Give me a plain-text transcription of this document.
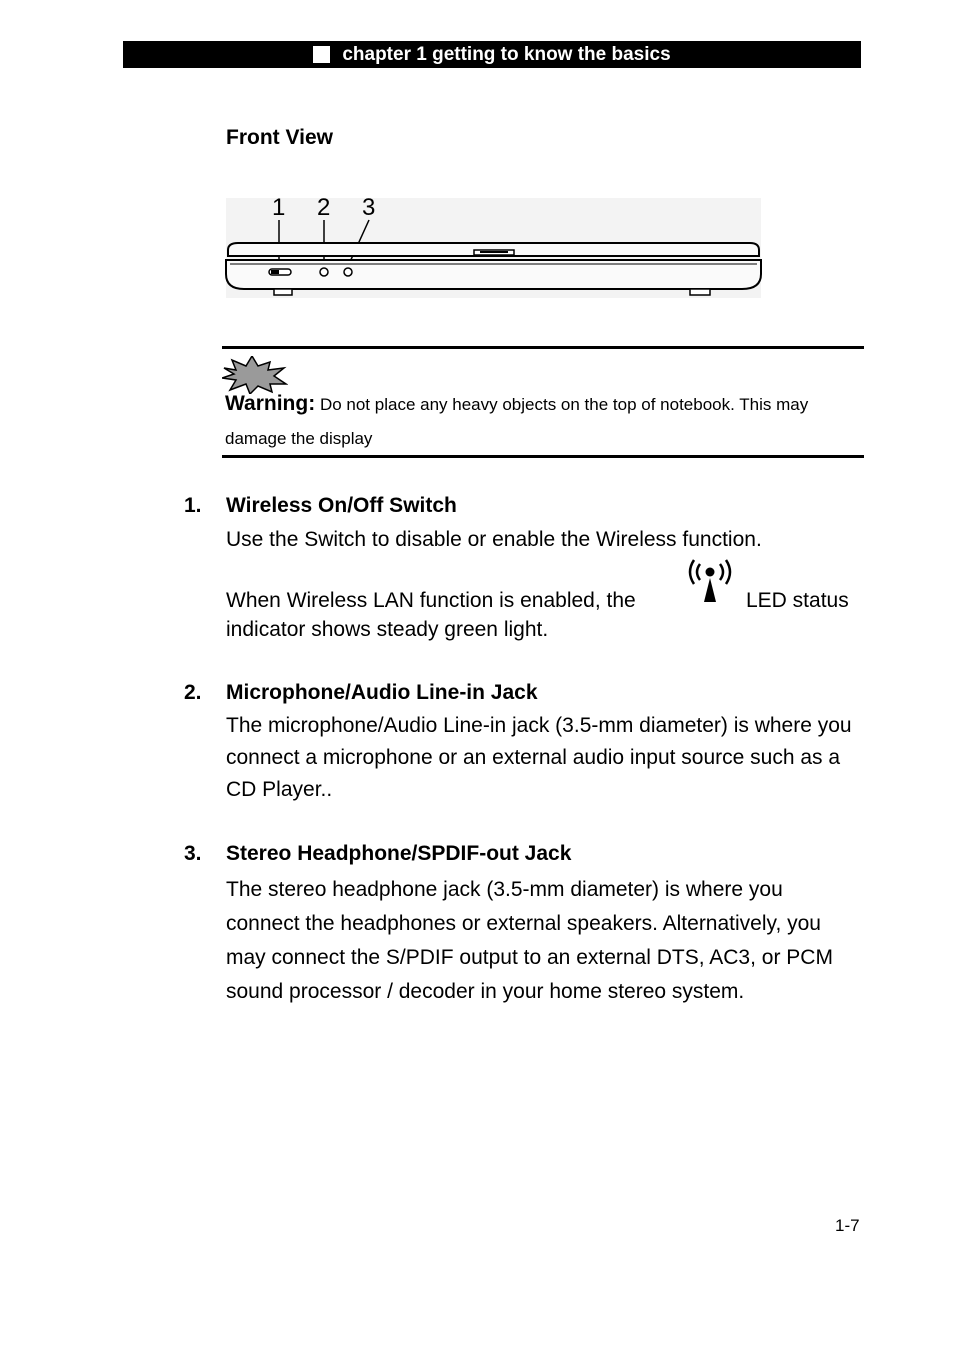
chapter 1 getting to know the basics
Front View
1 2 3
Warning: Do not place any heavy objects on the top of notebook. This may damage the display
1. Wireless On/Off Switch
Use the Switch to disable or enable the Wireless function.
When Wireless LAN function is enabled, the	LED status
indicator shows steady green light.
2. Microphone/Audio Line-in Jack
The microphone/Audio Line-in jack (3.5-mm diameter) is where you connect a microphone or an external audio input source such as a CD Player..
3. Stereo Headphone/SPDIF-out Jack
The stereo headphone jack (3.5-mm diameter) is where you connect the headphones or external speakers. Alternatively, you may connect the S/PDIF output to an external DTS, AC3, or PCM sound processor / decoder in your home stereo system.
1-7
